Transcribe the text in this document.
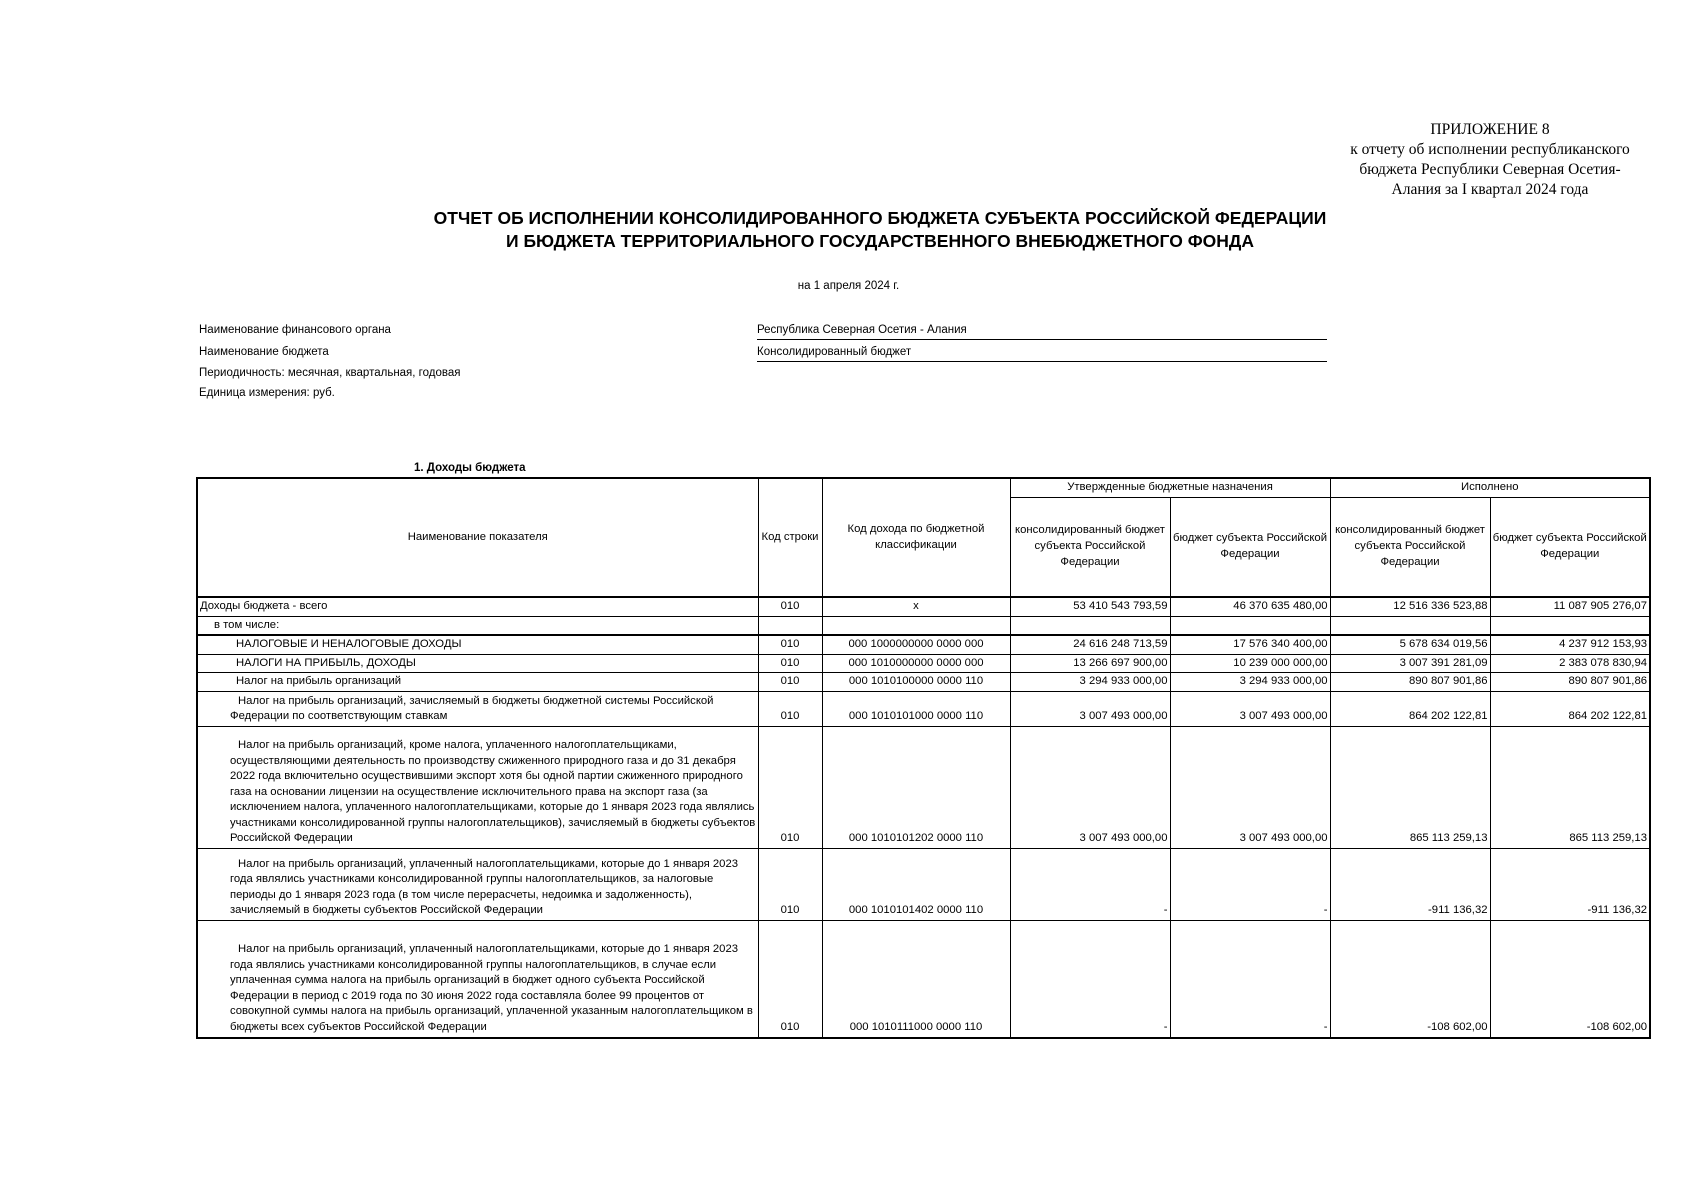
ПРИЛОЖЕНИЕ 8
к отчету об исполнении республиканского
бюджета Республики Северная Осетия-
Алания за I квартал 2024 года
ОТЧЕТ ОБ ИСПОЛНЕНИИ КОНСОЛИДИРОВАННОГО БЮДЖЕТА СУБЪЕКТА РОССИЙСКОЙ ФЕДЕРАЦИИ
И БЮДЖЕТА ТЕРРИТОРИАЛЬНОГО ГОСУДАРСТВЕННОГО ВНЕБЮДЖЕТНОГО ФОНДА
на 1 апреля 2024 г.
Наименование финансового органа	Республика Северная Осетия - Алания
Наименование бюджета	Консолидированный бюджет
Периодичность: месячная, квартальная, годовая
Единица измерения: руб.
1. Доходы бюджета
Наименование показателя	Код строки	Код дохода по бюджетной классификации	Утвержденные бюджетные назначения		Исполнено	
			консолидированный бюджет субъекта Российской Федерации	бюджет субъекта Российской Федерации	консолидированный бюджет субъекта Российской Федерации	бюджет субъекта Российской Федерации
Доходы бюджета - всего	010	x	53 410 543 793,59	46 370 635 480,00	12 516 336 523,88	11 087 905 276,07
в том числе:						
НАЛОГОВЫЕ И НЕНАЛОГОВЫЕ ДОХОДЫ	010	000 1000000000 0000 000	24 616 248 713,59	17 576 340 400,00	5 678 634 019,56	4 237 912 153,93
НАЛОГИ НА ПРИБЫЛЬ, ДОХОДЫ	010	000 1010000000 0000 000	13 266 697 900,00	10 239 000 000,00	3 007 391 281,09	2 383 078 830,94
Налог на прибыль организаций	010	000 1010100000 0000 110	3 294 933 000,00	3 294 933 000,00	890 807 901,86	890 807 901,86
Налог на прибыль организаций, зачисляемый в бюджеты бюджетной системы Российской Федерации по соответствующим ставкам	010	000 1010101000 0000 110	3 007 493 000,00	3 007 493 000,00	864 202 122,81	864 202 122,81
Налог на прибыль организаций, кроме налога, уплаченного налогоплательщиками, осуществляющими деятельность по производству сжиженного природного газа и до 31 декабря 2022 года включительно осуществившими экспорт хотя бы одной партии сжиженного природного газа на основании лицензии на осуществление исключительного права на экспорт газа (за исключением налога, уплаченного налогоплательщиками, которые до 1 января 2023 года являлись участниками консолидированной группы налогоплательщиков), зачисляемый в бюджеты субъектов Российской Федерации	010	000 1010101202 0000 110	3 007 493 000,00	3 007 493 000,00	865 113 259,13	865 113 259,13
Налог на прибыль организаций, уплаченный налогоплательщиками, которые до 1 января 2023 года являлись участниками консолидированной группы налогоплательщиков, за налоговые периоды до 1 января 2023 года (в том числе перерасчеты, недоимка и задолженность), зачисляемый в бюджеты субъектов Российской Федерации	010	000 1010101402 0000 110	-	-	-911 136,32	-911 136,32
Налог на прибыль организаций, уплаченный налогоплательщиками, которые до 1 января 2023 года являлись участниками консолидированной группы налогоплательщиков, в случае если уплаченная сумма налога на прибыль организаций в бюджет одного субъекта Российской Федерации в период с 2019 года по 30 июня 2022 года составляла более 99 процентов от совокупной суммы налога на прибыль организаций, уплаченной указанным налогоплательщиком в бюджеты всех субъектов Российской Федерации	010	000 1010111000 0000 110	-	-	-108 602,00	-108 602,00
